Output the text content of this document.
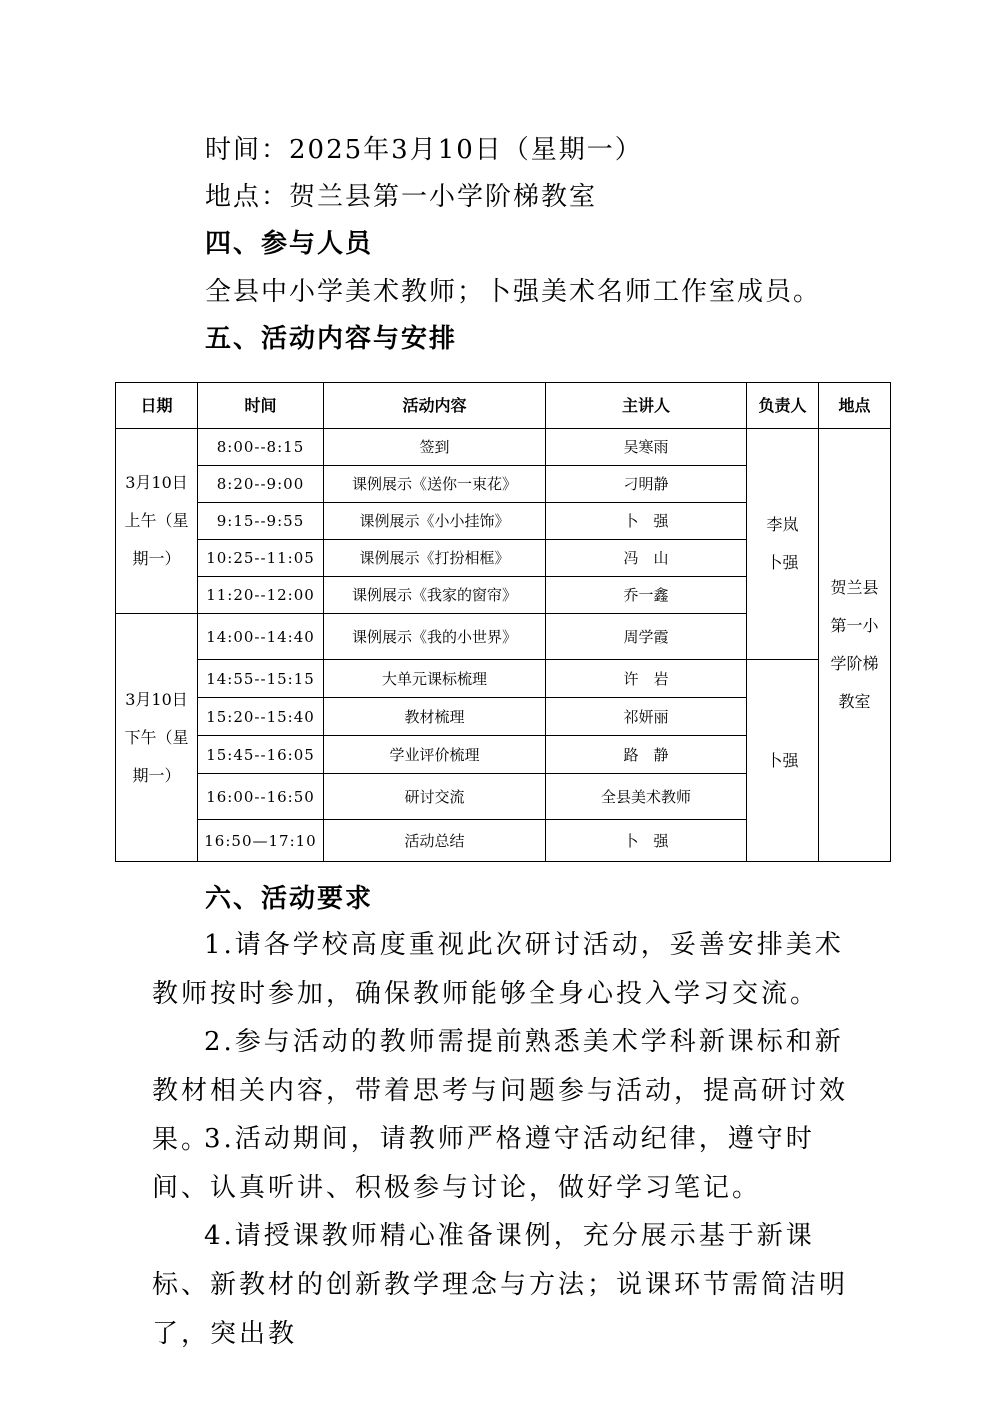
时间：2025年3月10日（星期一）
地点：贺兰县第一小学阶梯教室
四、参与人员
全县中小学美术教师；卜强美术名师工作室成员。
五、活动内容与安排
日期	时间	活动内容	主讲人	负责人	地点
3月10日上午（星期一）	8:00--8:15	签到	吴寒雨	李岚卜强	贺兰县第一小学阶梯教室
	8:20--9:00	课例展示《送你一束花》	刁明静		
	9:15--9:55	课例展示《小小挂饰》	卜　强		
	10:25--11:05	课例展示《打扮相框》	冯　山		
	11:20--12:00	课例展示《我家的窗帘》	乔一鑫		
3月10日下午（星期一）	14:00--14:40	课例展示《我的小世界》	周学霞		
	14:55--15:15	大单元课标梳理	许　岩	卜强	
	15:20--15:40	教材梳理	祁妍丽		
	15:45--16:05	学业评价梳理	路　静		
	16:00--16:50	研讨交流	全县美术教师		
	16:50—17:10	活动总结	卜　强		
六、活动要求
1.请各学校高度重视此次研讨活动，妥善安排美术教师按时参加，确保教师能够全身心投入学习交流。
2.参与活动的教师需提前熟悉美术学科新课标和新教材相关内容，带着思考与问题参与活动，提高研讨效果。
3.活动期间，请教师严格遵守活动纪律，遵守时间、认真听讲、积极参与讨论，做好学习笔记。
4.请授课教师精心准备课例，充分展示基于新课标、新教材的创新教学理念与方法；说课环节需简洁明了，突出教
